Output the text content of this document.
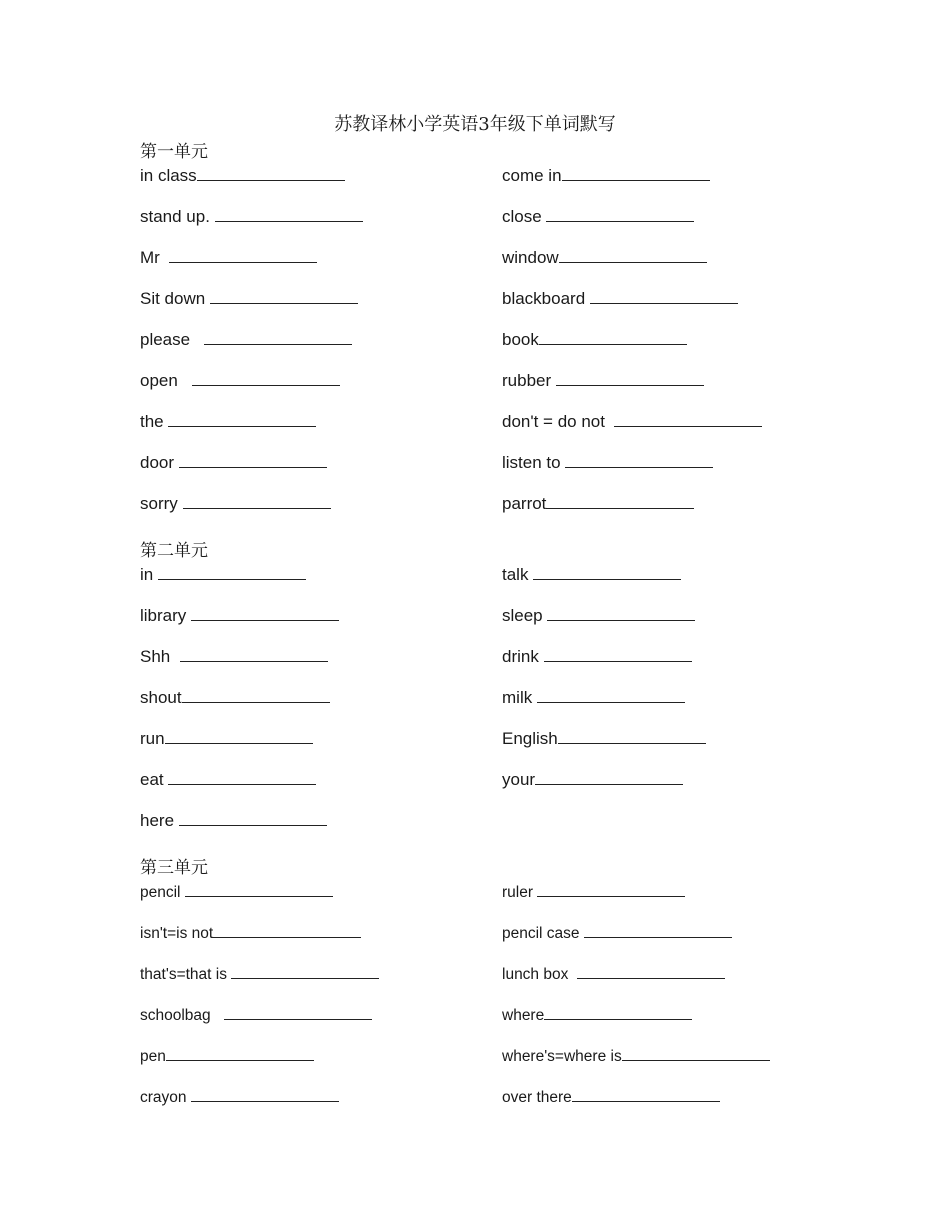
苏教译林小学英语3年级下单词默写
第一单元
in class
stand up.
Mr
Sit down
please
open
the
door
sorry
come in
close
window
blackboard
book
rubber
don't = do not
listen to
parrot
第二单元
in
library
Shh
shout
run
eat
here
talk
sleep
drink
milk
English
your
第三单元
pencil
isn't=is not
that's=that is
schoolbag
pen
crayon
ruler
pencil case
lunch box
where
where's=where is
over there
